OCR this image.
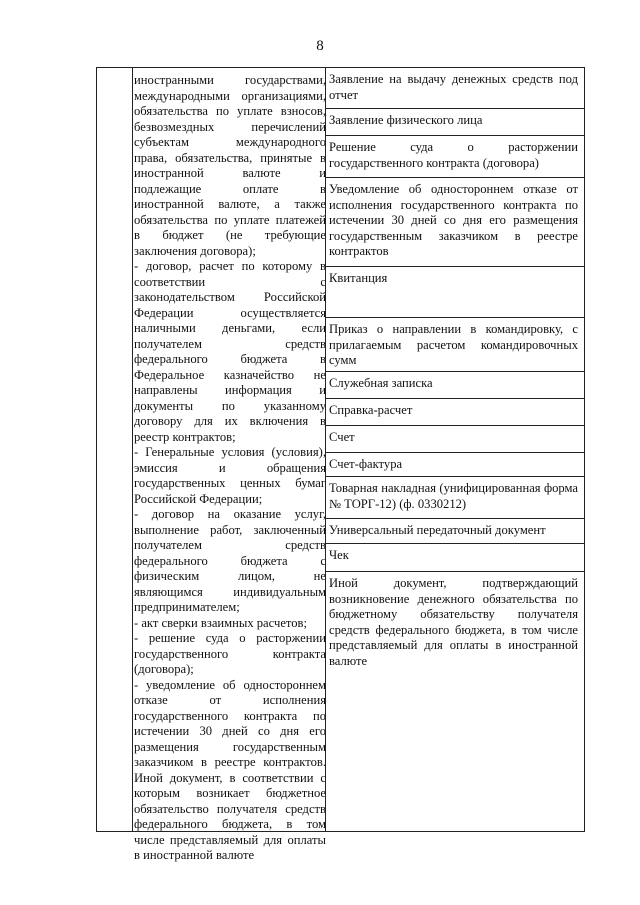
8
иностранными государствами,
международными организациями,
обязательства по уплате взносов,
безвозмездных перечислений
субъектам международного
права, обязательства, принятые в
иностранной валюте и
подлежащие оплате в
иностранной валюте, а также
обязательства по уплате платежей
в бюджет (не требующие
заключения договора);
- договор, расчет по которому в
соответствии с
законодательством Российской
Федерации осуществляется
наличными деньгами, если
получателем средств
федерального бюджета в
Федеральное казначейство не
направлены информация и
документы по указанному
договору для их включения в
реестр контрактов;
- Генеральные условия (условия),
эмиссия и обращения
государственных ценных бумаг
Российской Федерации;
- договор на оказание услуг,
выполнение работ, заключенный
получателем средств
федерального бюджета с
физическим лицом, не
являющимся индивидуальным
предпринимателем;
- акт сверки взаимных расчетов;
- решение суда о расторжении
государственного контракта
(договора);
- уведомление об одностороннем
отказе от исполнения
государственного контракта по
истечении 30 дней со дня его
размещения государственным
заказчиком в реестре контрактов.
Иной документ, в соответствии с
которым возникает бюджетное
обязательство получателя средств
федерального бюджета, в том
числе представляемый для оплаты
в иностранной валюте
Заявление на выдачу денежных средств под отчет
Заявление физического лица
Решение суда о расторжении государственного контракта (договора)
Уведомление об одностороннем отказе от исполнения государственного контракта по истечении 30 дней со дня его размещения государственным заказчиком в реестре контрактов
Квитанция
Приказ о направлении в командировку, с прилагаемым расчетом командировочных сумм
Служебная записка
Справка-расчет
Счет
Счет-фактура
Товарная накладная (унифицированная форма № ТОРГ-12) (ф. 0330212)
Универсальный передаточный документ
Чек
Иной документ, подтверждающий возникновение денежного обязательства по бюджетному обязательству получателя средств федерального бюджета, в том числе представляемый для оплаты в иностранной валюте
